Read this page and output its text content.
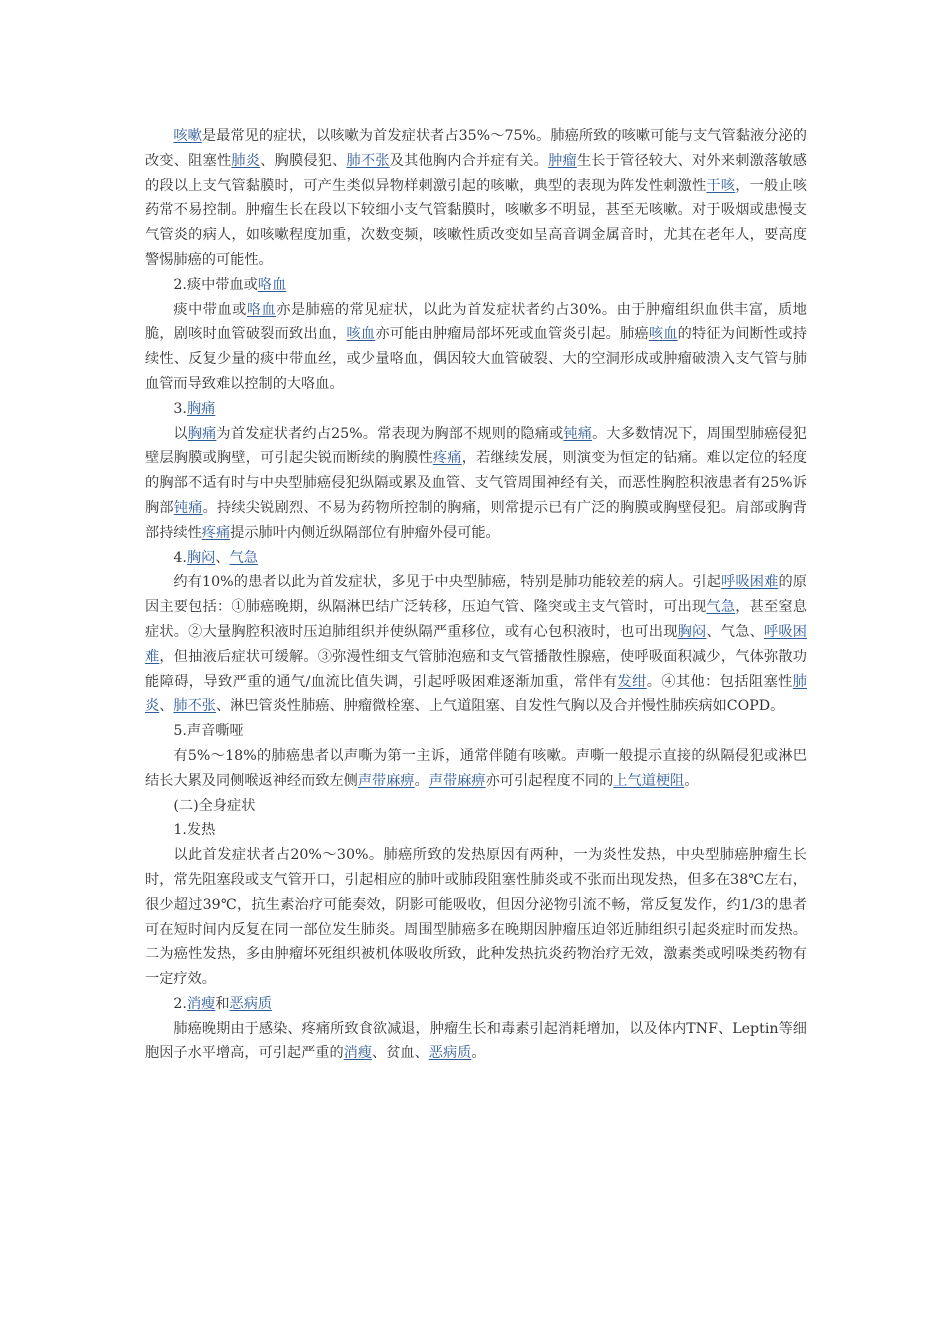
咳嗽是最常见的症状，以咳嗽为首发症状者占35%～75%。肺癌所致的咳嗽可能与支气管黏液分泌的改变、阻塞性肺炎、胸膜侵犯、肺不张及其他胸内合并症有关。肿瘤生长于管径较大、对外来刺激落敏感的段以上支气管黏膜时，可产生类似异物样刺激引起的咳嗽，典型的表现为阵发性刺激性干咳，一般止咳药常不易控制。肿瘤生长在段以下较细小支气管黏膜时，咳嗽多不明显，甚至无咳嗽。对于吸烟或患慢支气管炎的病人，如咳嗽程度加重，次数变频，咳嗽性质改变如呈高音调金属音时，尤其在老年人，要高度警惕肺癌的可能性。

2.痰中带血或咯血

痰中带血或咯血亦是肺癌的常见症状，以此为首发症状者约占30%。由于肿瘤组织血供丰富，质地脆，剧咳时血管破裂而致出血，咳血亦可能由肿瘤局部坏死或血管炎引起。肺癌咳血的特征为间断性或持续性、反复少量的痰中带血丝，或少量咯血，偶因较大血管破裂、大的空洞形成或肿瘤破溃入支气管与肺血管而导致难以控制的大咯血。

3.胸痛

以胸痛为首发症状者约占25%。常表现为胸部不规则的隐痛或钝痛。大多数情况下，周围型肺癌侵犯壁层胸膜或胸壁，可引起尖锐而断续的胸膜性疼痛，若继续发展，则演变为恒定的钻痛。难以定位的轻度的胸部不适有时与中央型肺癌侵犯纵隔或累及血管、支气管周围神经有关，而恶性胸腔积液患者有25%诉胸部钝痛。持续尖锐剧烈、不易为药物所控制的胸痛，则常提示已有广泛的胸膜或胸壁侵犯。肩部或胸背部持续性疼痛提示肺叶内侧近纵隔部位有肿瘤外侵可能。

4.胸闷、气急

约有10%的患者以此为首发症状，多见于中央型肺癌，特别是肺功能较差的病人。引起呼吸困难的原因主要包括：①肺癌晚期，纵隔淋巴结广泛转移，压迫气管、隆突或主支气管时，可出现气急，甚至窒息症状。②大量胸腔积液时压迫肺组织并使纵隔严重移位，或有心包积液时，也可出现胸闷、气急、呼吸困难，但抽液后症状可缓解。③弥漫性细支气管肺泡癌和支气管播散性腺癌，使呼吸面积减少，气体弥散功能障碍，导致严重的通气/血流比值失调，引起呼吸困难逐渐加重，常伴有发绀。④其他：包括阻塞性肺炎、肺不张、淋巴管炎性肺癌、肿瘤微栓塞、上气道阻塞、自发性气胸以及合并慢性肺疾病如COPD。

5.声音嘶哑

有5%～18%的肺癌患者以声嘶为第一主诉，通常伴随有咳嗽。声嘶一般提示直接的纵隔侵犯或淋巴结长大累及同侧喉返神经而致左侧声带麻痹。声带麻痹亦可引起程度不同的上气道梗阻。

(二)全身症状

1.发热

以此首发症状者占20%～30%。肺癌所致的发热原因有两种，一为炎性发热，中央型肺癌肿瘤生长时，常先阻塞段或支气管开口，引起相应的肺叶或肺段阻塞性肺炎或不张而出现发热，但多在38℃左右，很少超过39℃，抗生素治疗可能奏效，阴影可能吸收，但因分泌物引流不畅，常反复发作，约1/3的患者可在短时间内反复在同一部位发生肺炎。周围型肺癌多在晚期因肿瘤压迫邻近肺组织引起炎症时而发热。二为癌性发热，多由肿瘤坏死组织被机体吸收所致，此种发热抗炎药物治疗无效，激素类或吲哚类药物有一定疗效。

2.消瘦和恶病质

肺癌晚期由于感染、疼痛所致食欲减退，肿瘤生长和毒素引起消耗增加，以及体内TNF、Leptin等细胞因子水平增高，可引起严重的消瘦、贫血、恶病质。
